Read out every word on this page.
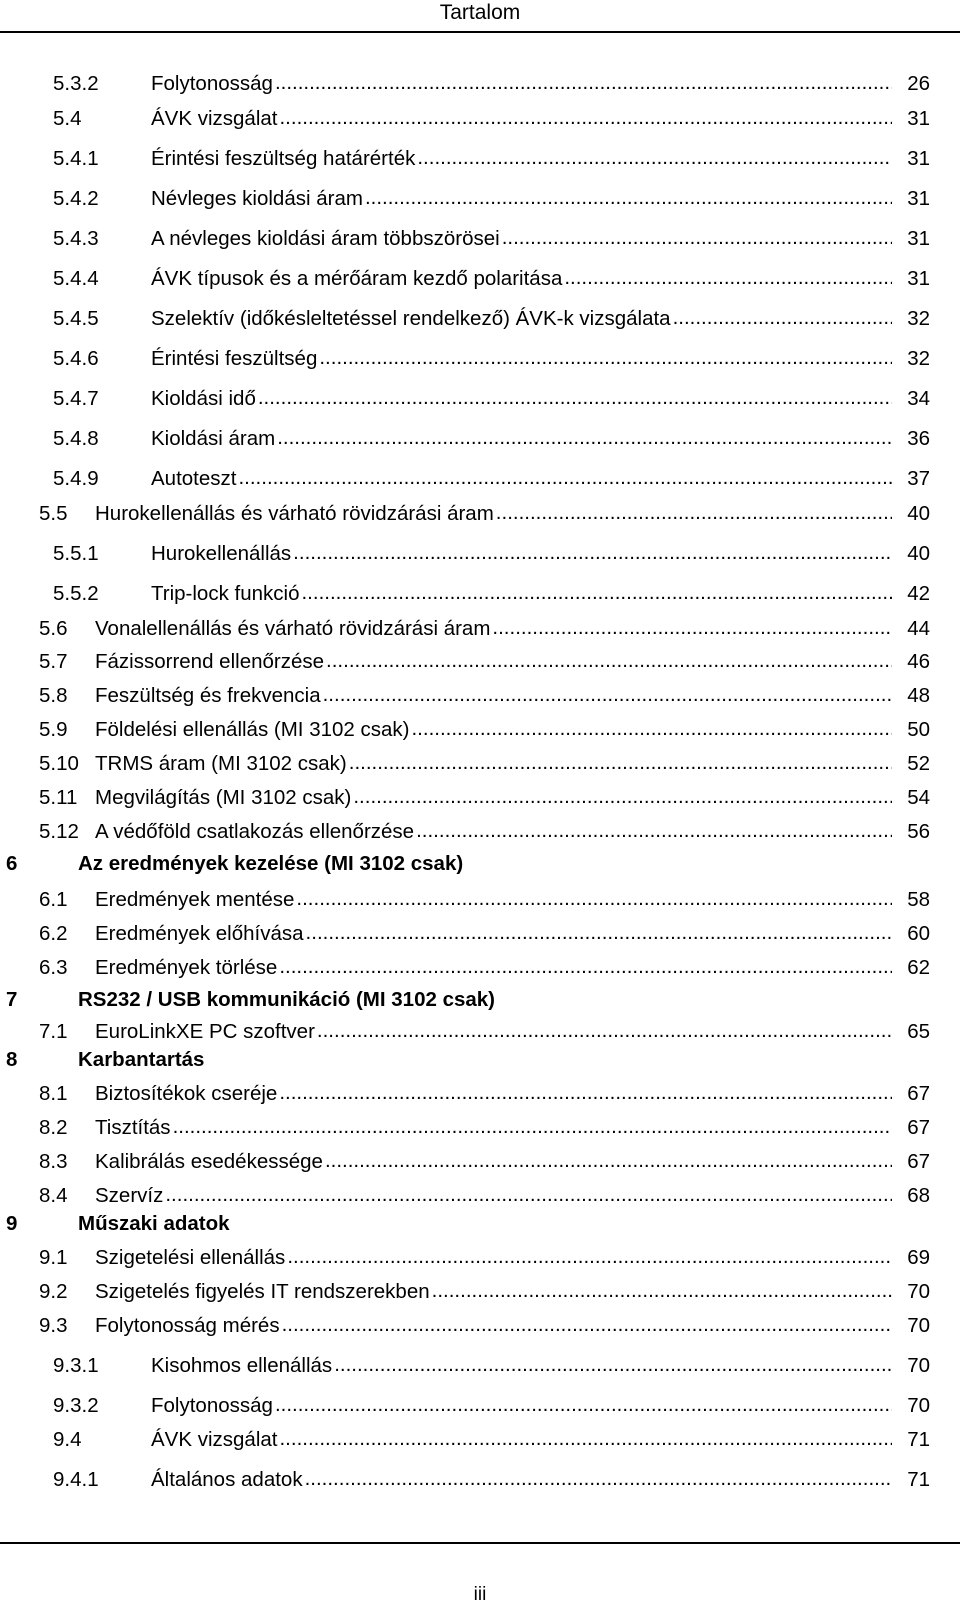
Tartalom
5.3.2	Folytonosság .....	26
5.4	ÁVK vizsgálat .....	31
5.4.1	Érintési feszültség határérték .....	31
5.4.2	Névleges kioldási áram .....	31
5.4.3	A névleges kioldási áram többszörösei .....	31
5.4.4	ÁVK típusok és a mérőáram kezdő polaritása .....	31
5.4.5	Szelektív (időkésleltetéssel rendelkező) ÁVK-k vizsgálata .....	32
5.4.6	Érintési feszültség .....	32
5.4.7	Kioldási idő .....	34
5.4.8	Kioldási áram .....	36
5.4.9	Autoteszt .....	37
5.5	Hurokellenállás és várható rövidzárási áram .....	40
5.5.1	Hurokellenállás .....	40
5.5.2	Trip-lock funkció .....	42
5.6	Vonalellenállás és várható rövidzárási áram .....	44
5.7	Fázissorrend ellenőrzése .....	46
5.8	Feszültség és frekvencia .....	48
5.9	Földelési ellenállás (MI 3102 csak) .....	50
5.10 TRMS áram (MI 3102 csak) .....	52
5.11 Megvilágítás (MI 3102 csak) .....	54
5.12 A védőföld csatlakozás ellenőrzése .....	56
6	Az eredmények kezelése (MI 3102 csak)
6.1	Eredmények mentése .....	58
6.2	Eredmények előhívása .....	60
6.3	Eredmények törlése .....	62
7	RS232 / USB kommunikáció (MI 3102 csak)
7.1	EuroLinkXE PC szoftver .....	65
8	Karbantartás
8.1	Biztosítékok cseréje .....	67
8.2	Tisztítás .....	67
8.3	Kalibrálás esedékessége .....	67
8.4	Szervíz .....	68
9	Műszaki adatok
9.1	Szigetelési ellenállás .....	69
9.2	Szigetelés figyelés IT rendszerekben .....	70
9.3	Folytonosság mérés .....	70
9.3.1	Kisohmos ellenállás .....	70
9.3.2	Folytonosság .....	70
9.4	ÁVK vizsgálat .....	71
9.4.1	Általános adatok .....	71
iii
